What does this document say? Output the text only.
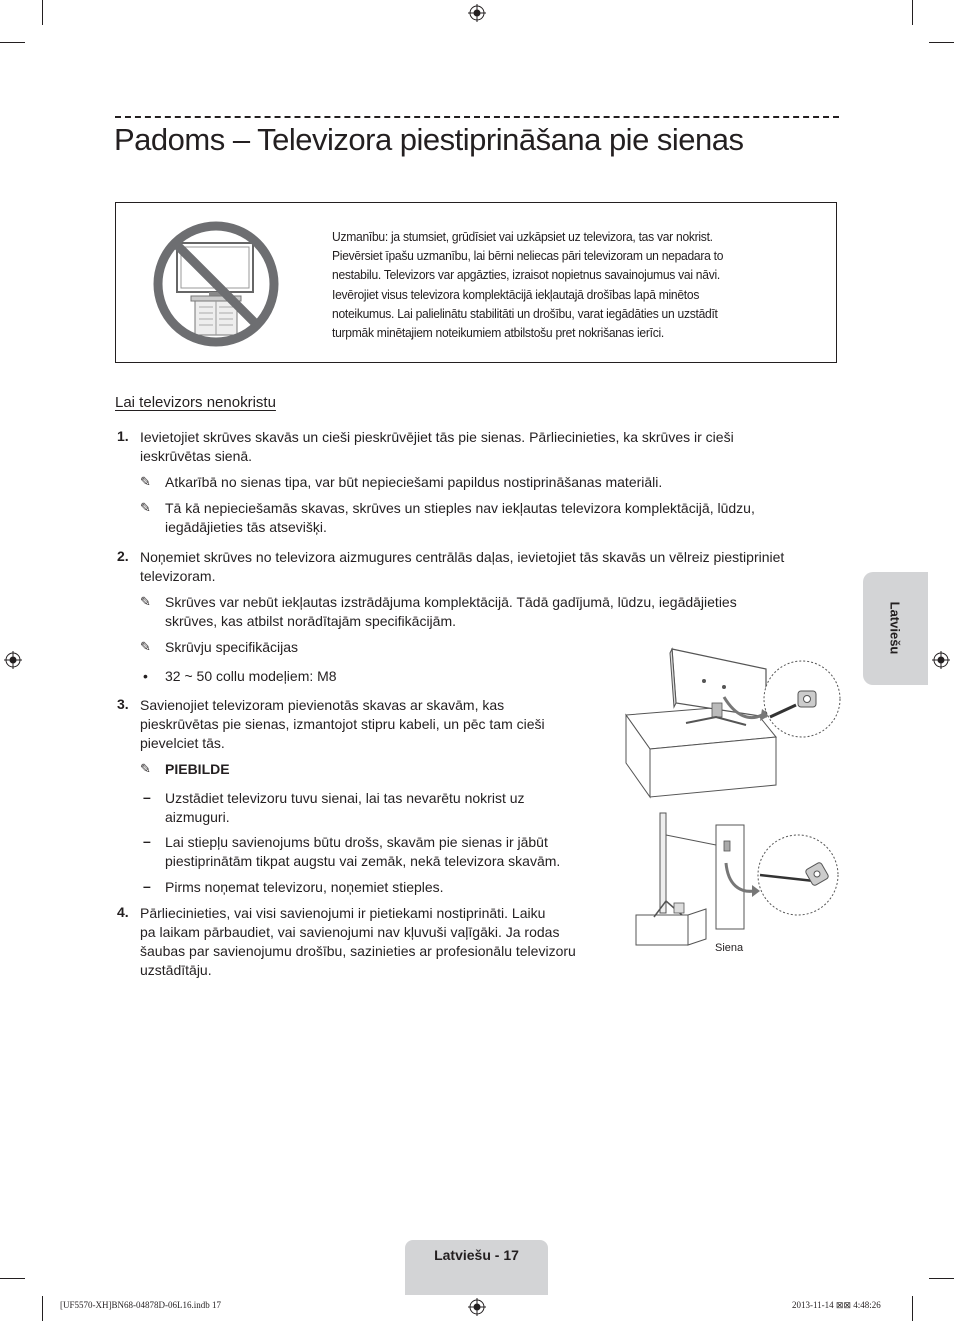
Padoms – Televizora piestiprināšana pie sienas
Uzmanību: ja stumsiet, grūdīsiet vai uzkāpsiet uz televizora, tas var nokrist.
Pievērsiet īpašu uzmanību, lai bērni neliecas pāri televizoram un nepadara to
nestabilu. Televizors var apgāzties, izraisot nopietnus savainojumus vai nāvi.
Ievērojiet visus televizora komplektācijā iekļautajā drošības lapā minētos
noteikumus. Lai palielinātu stabilitāti un drošību, varat iegādāties un uzstādīt
turpmāk minētajiem noteikumiem atbilstošu pret nokrišanas ierīci.
Lai televizors nenokristu
1. Ievietojiet skrūves skavās un cieši pieskrūvējiet tās pie sienas. Pārliecinieties, ka skrūves ir cieši
ieskrūvētas sienā.
✎ Atkarībā no sienas tipa, var būt nepieciešami papildus nostiprināšanas materiāli.
✎ Tā kā nepieciešamās skavas, skrūves un stieples nav iekļautas televizora komplektācijā, lūdzu,
iegādājieties tās atsevišķi.
2. Noņemiet skrūves no televizora aizmugures centrālās daļas, ievietojiet tās skavās un vēlreiz piestipriniet
televizoram.
✎ Skrūves var nebūt iekļautas izstrādājuma komplektācijā. Tādā gadījumā, lūdzu, iegādājieties
skrūves, kas atbilst norādītajām specifikācijām.
✎ Skrūvju specifikācijas
• 32 ~ 50 collu modeļiem: M8
3. Savienojiet televizoram pievienotās skavas ar skavām, kas
pieskrūvētas pie sienas, izmantojot stipru kabeli, un pēc tam cieši
pievelciet tās.
✎ PIEBILDE
– Uzstādiet televizoru tuvu sienai, lai tas nevarētu nokrist uz
aizmuguri.
– Lai stiepļu savienojums būtu drošs, skavām pie sienas ir jābūt
piestiprinātām tikpat augstu vai zemāk, nekā televizora skavām.
– Pirms noņemat televizoru, noņemiet stieples.
4. Pārliecinieties, vai visi savienojumi ir pietiekami nostiprināti. Laiku
pa laikam pārbaudiet, vai savienojumi nav kļuvuši vaļīgāki. Ja rodas
šaubas par savienojumu drošību, sazinieties ar profesionālu televizoru
uzstādītāju.
Siena
Latviešu
Latviešu - 17
[UF5570-XH]BN68-04878D-06L16.indb 17	2013-11-14 ⊠⊠ 4:48:26
